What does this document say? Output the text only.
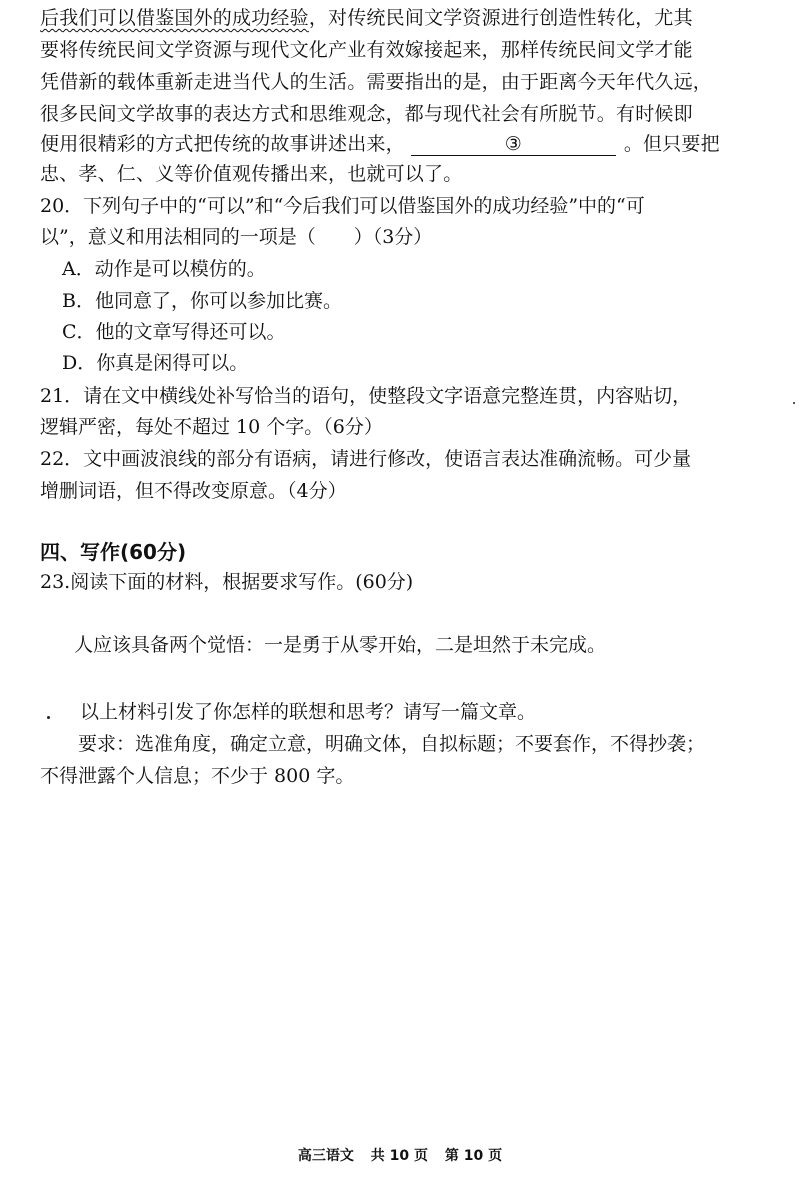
后我们可以借鉴国外的成功经验，对传统民间文学资源进行创造性转化，尤其
要将传统民间文学资源与现代文化产业有效嫁接起来，那样传统民间文学才能
凭借新的载体重新走进当代人的生活。需要指出的是，由于距离今天年代久远，
很多民间文学故事的表达方式和思维观念，都与现代社会有所脱节。有时候即
便用很精彩的方式把传统的故事讲述出来，	③	。但只要把
忠、孝、仁、义等价值观传播出来，也就可以了。
20．下列句子中的“可以”和“今后我们可以借鉴国外的成功经验”中的“可
以”，意义和用法相同的一项是（　　）（3分）
A．动作是可以模仿的。
B．他同意了，你可以参加比赛。
C．他的文章写得还可以。
D．你真是闲得可以。
21．请在文中横线处补写恰当的语句，使整段文字语意完整连贯，内容贴切，
逻辑严密，每处不超过 10 个字。（6分）
22．文中画波浪线的部分有语病，请进行修改，使语言表达准确流畅。可少量
增删词语，但不得改变原意。（4分）
四、写作(60分)
23.阅读下面的材料，根据要求写作。(60分)
人应该具备两个觉悟：一是勇于从零开始，二是坦然于未完成。
以上材料引发了你怎样的联想和思考？请写一篇文章。
要求：选准角度，确定立意，明确文体，自拟标题；不要套作，不得抄袭；
不得泄露个人信息；不少于 800 字。
高三语文 共 10 页 第 10 页
